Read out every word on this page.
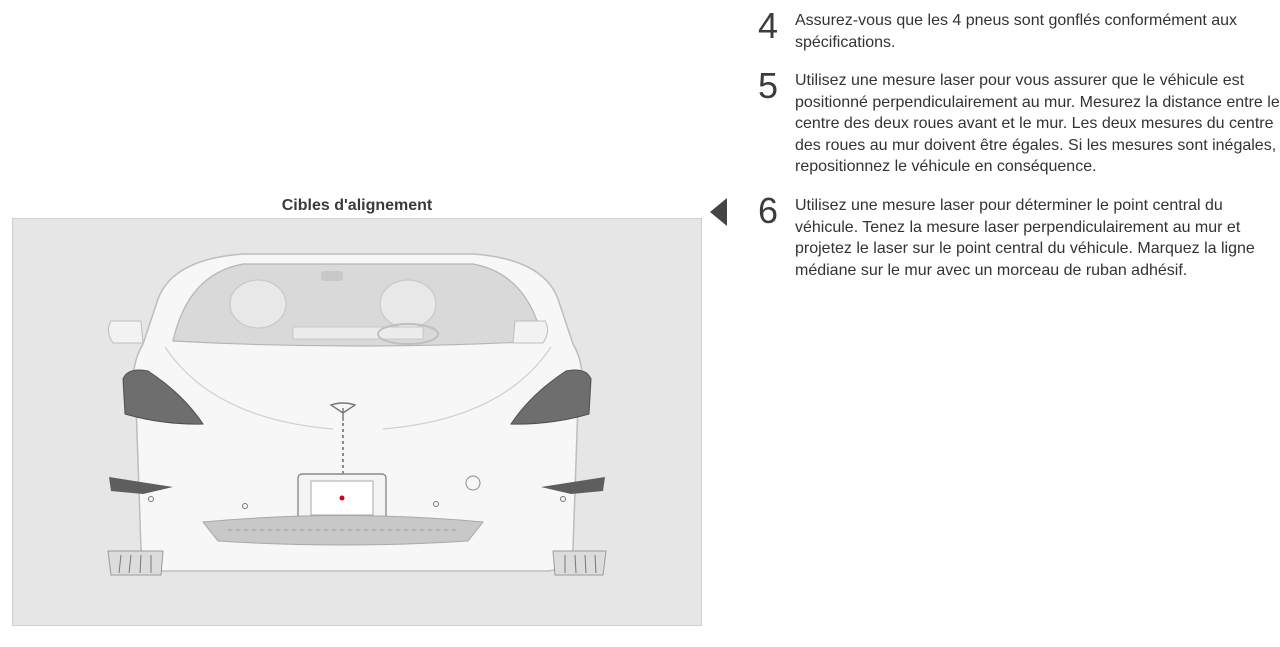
Cibles d'alignement
4	Assurez-vous que les 4 pneus sont gonflés conformément aux spécifications.
5	Utilisez une mesure laser pour vous assurer que le véhicule est positionné perpendiculairement au mur. Mesurez la distance entre le centre des deux roues avant et le mur. Les deux mesures du centre des roues au mur doivent être égales. Si les mesures sont inégales, repositionnez le véhicule en conséquence.
6	Utilisez une mesure laser pour déterminer le point central du véhicule. Tenez la mesure laser perpendiculairement au mur et projetez le laser sur le point central du véhicule. Marquez la ligne médiane sur le mur avec un morceau de ruban adhésif.
